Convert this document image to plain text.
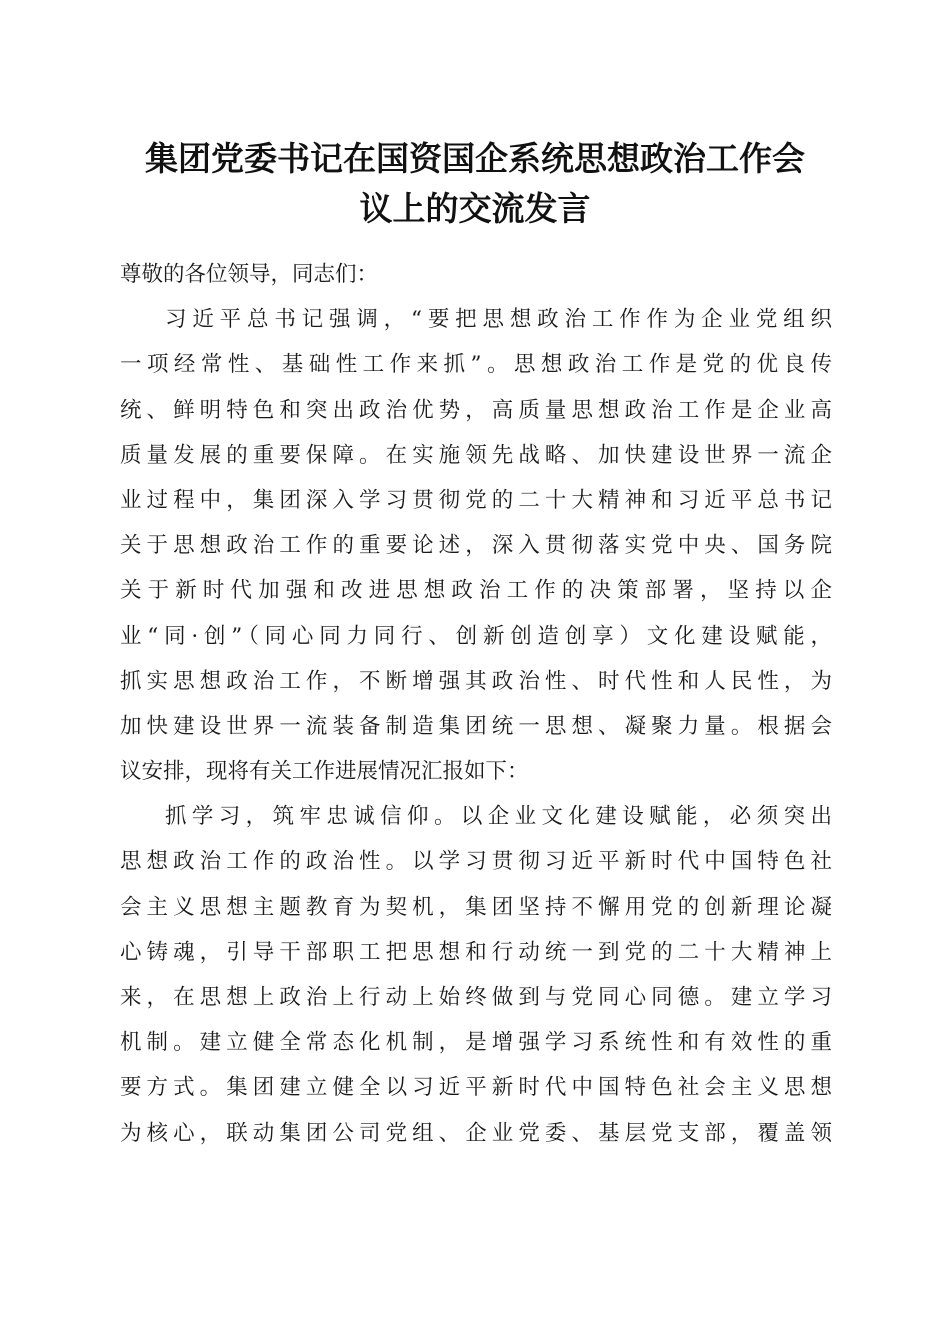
集团党委书记在国资国企系统思想政治工作会
议上的交流发言
尊敬的各位领导，同志们：
习近平总书记强调，“要把思想政治工作作为企业党组织
一项经常性、基础性工作来抓”。思想政治工作是党的优良传
统、鲜明特色和突出政治优势，高质量思想政治工作是企业高
质量发展的重要保障。在实施领先战略、加快建设世界一流企
业过程中，集团深入学习贯彻党的二十大精神和习近平总书记
关于思想政治工作的重要论述，深入贯彻落实党中央、国务院
关于新时代加强和改进思想政治工作的决策部署，坚持以企
业“同·创”（同心同力同行、创新创造创享）文化建设赋能，
抓实思想政治工作，不断增强其政治性、时代性和人民性，为
加快建设世界一流装备制造集团统一思想、凝聚力量。根据会
议安排，现将有关工作进展情况汇报如下：
抓学习，筑牢忠诚信仰。以企业文化建设赋能，必须突出
思想政治工作的政治性。以学习贯彻习近平新时代中国特色社
会主义思想主题教育为契机，集团坚持不懈用党的创新理论凝
心铸魂，引导干部职工把思想和行动统一到党的二十大精神上
来，在思想上政治上行动上始终做到与党同心同德。建立学习
机制。建立健全常态化机制，是增强学习系统性和有效性的重
要方式。集团建立健全以习近平新时代中国特色社会主义思想
为核心，联动集团公司党组、企业党委、基层党支部，覆盖领
